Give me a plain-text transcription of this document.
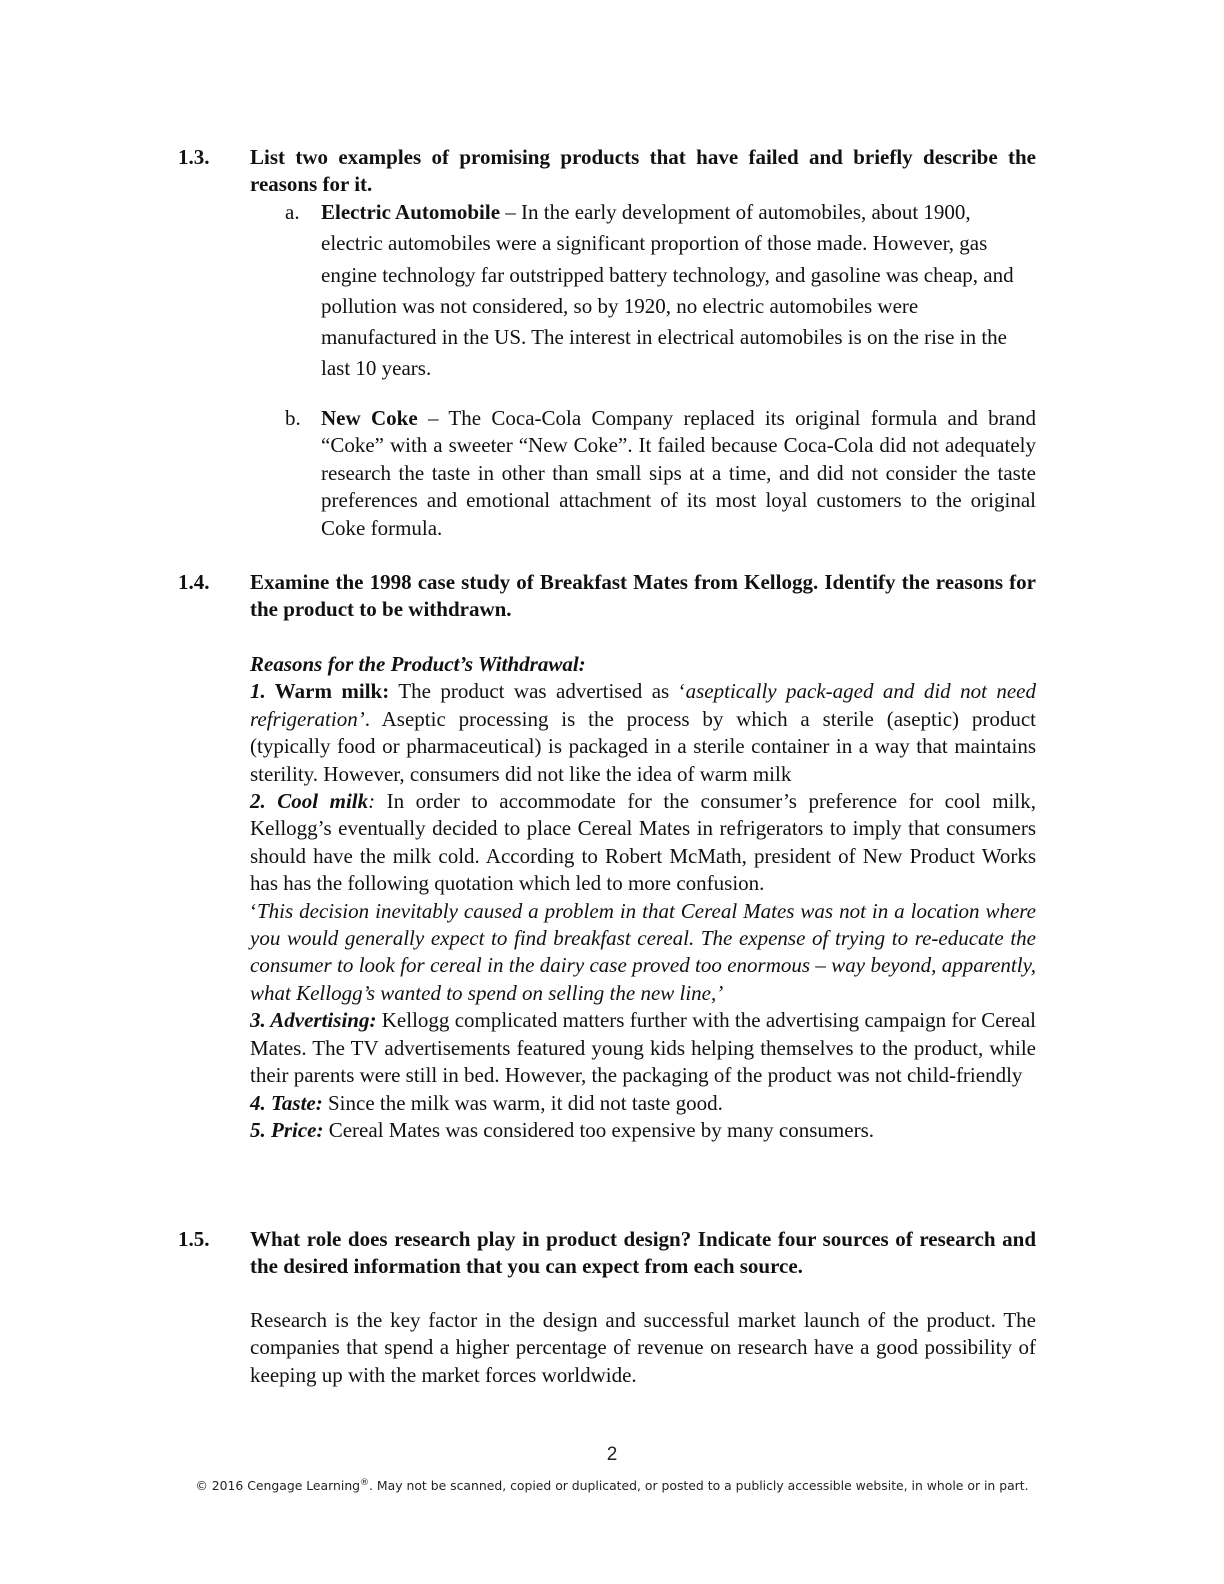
1.3. List two examples of promising products that have failed and briefly describe the reasons for it.
a. Electric Automobile – In the early development of automobiles, about 1900, electric automobiles were a significant proportion of those made. However, gas engine technology far outstripped battery technology, and gasoline was cheap, and pollution was not considered, so by 1920, no electric automobiles were manufactured in the US. The interest in electrical automobiles is on the rise in the last 10 years.
b. New Coke – The Coca-Cola Company replaced its original formula and brand “Coke” with a sweeter “New Coke”. It failed because Coca-Cola did not adequately research the taste in other than small sips at a time, and did not consider the taste preferences and emotional attachment of its most loyal customers to the original Coke formula.
1.4. Examine the 1998 case study of Breakfast Mates from Kellogg. Identify the reasons for the product to be withdrawn.
Reasons for the Product’s Withdrawal:
1. Warm milk: The product was advertised as ‘aseptically pack-aged and did not need refrigeration’. Aseptic processing is the process by which a sterile (aseptic) product (typically food or pharmaceutical) is packaged in a sterile container in a way that maintains sterility. However, consumers did not like the idea of warm milk
2. Cool milk: In order to accommodate for the consumer’s preference for cool milk, Kellogg’s eventually decided to place Cereal Mates in refrigerators to imply that consumers should have the milk cold. According to Robert McMath, president of New Product Works has has the following quotation which led to more confusion.
‘This decision inevitably caused a problem in that Cereal Mates was not in a location where you would generally expect to find breakfast cereal. The expense of trying to re-educate the consumer to look for cereal in the dairy case proved too enormous – way beyond, apparently, what Kellogg’s wanted to spend on selling the new line,’
3. Advertising: Kellogg complicated matters further with the advertising campaign for Cereal Mates. The TV advertisements featured young kids helping themselves to the product, while their parents were still in bed. However, the packaging of the product was not child-friendly
4. Taste: Since the milk was warm, it did not taste good.
5. Price: Cereal Mates was considered too expensive by many consumers.
1.5. What role does research play in product design? Indicate four sources of research and the desired information that you can expect from each source.
Research is the key factor in the design and successful market launch of the product. The companies that spend a higher percentage of revenue on research have a good possibility of keeping up with the market forces worldwide.
2
© 2016 Cengage Learning®. May not be scanned, copied or duplicated, or posted to a publicly accessible website, in whole or in part.
